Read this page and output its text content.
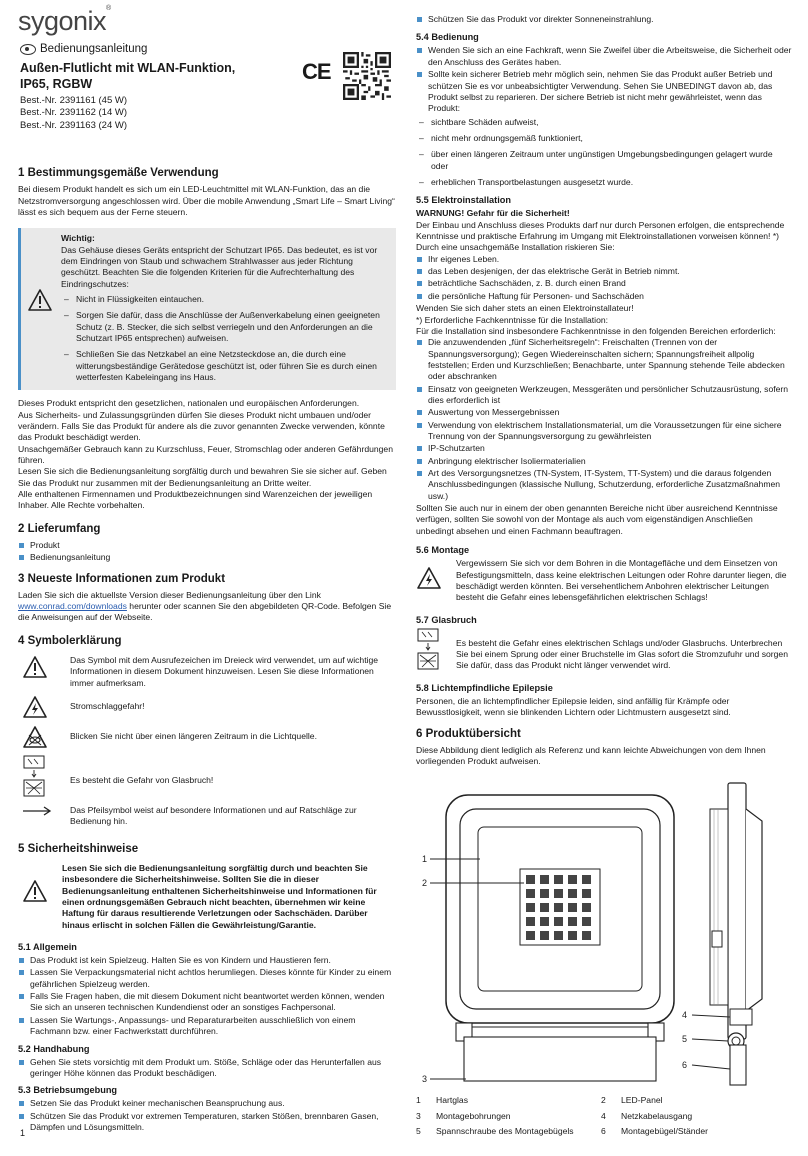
sygonix®
Bedienungsanleitung
Außen-Flutlicht mit WLAN-Funktion, IP65, RGBW
CE
Best.-Nr. 2391161 (45 W)
Best.-Nr. 2391162 (14 W)
Best.-Nr. 2391163 (24 W)
1 Bestimmungsgemäße Verwendung

Bei diesem Produkt handelt es sich um ein LED-Leuchtmittel mit WLAN-Funktion, das an die Netzstromversorgung angeschlossen wird. Über die mobile Anwendung „Smart Life – Smart Living“ lässt es sich bequem aus der Ferne steuern.

Wichtig:

Das Gehäuse dieses Geräts entspricht der Schutzart IP65. Das bedeutet, es ist vor dem Eindringen von Staub und schwachem Strahlwasser aus jeder Richtung geschützt. Beachten Sie die folgenden Kriterien für die Aufrechterhaltung des Eindringschutzes:

– Nicht in Flüssigkeiten eintauchen.
– Sorgen Sie dafür, dass die Anschlüsse der Außenverkabelung einen geeigneten Schutz (z. B. Stecker, die sich selbst verriegeln und den Anforderungen an die Schutzart IP65 entsprechen) aufweisen.
– Schließen Sie das Netzkabel an eine Netzsteckdose an, die durch eine witterungsbeständige Gerätedose geschützt ist, oder führen Sie es durch einen wetterfesten Kabeleingang ins Haus.

Dieses Produkt entspricht den gesetzlichen, nationalen und europäischen Anforderungen.

Aus Sicherheits- und Zulassungsgründen dürfen Sie dieses Produkt nicht umbauen und/oder verändern. Falls Sie das Produkt für andere als die zuvor genannten Zwecke verwenden, könnte das Produkt beschädigt werden.

Unsachgemäßer Gebrauch kann zu Kurzschluss, Feuer, Stromschlag oder anderen Gefährdungen führen.

Lesen Sie sich die Bedienungsanleitung sorgfältig durch und bewahren Sie sie sicher auf. Geben Sie das Produkt nur zusammen mit der Bedienungsanleitung an Dritte weiter.

Alle enthaltenen Firmennamen und Produktbezeichnungen sind Warenzeichen der jeweiligen Inhaber. Alle Rechte vorbehalten.

2 Lieferumfang
Produkt
Bedienungsanleitung
3 Neueste Informationen zum Produkt

Laden Sie sich die aktuellste Version dieser Bedienungsanleitung über den Link www.conrad.com/downloads herunter oder scannen Sie den abgebildeten QR-Code. Befolgen Sie die Anweisungen auf der Webseite.

4 Symbolerklärung
Das Symbol mit dem Ausrufezeichen im Dreieck wird verwendet, um auf wichtige Informationen in diesem Dokument hinzuweisen. Lesen Sie diese Informationen immer aufmerksam.
Stromschlaggefahr!
Blicken Sie nicht über einen längeren Zeitraum in die Lichtquelle.
Es besteht die Gefahr von Glasbruch!
Das Pfeilsymbol weist auf besondere Informationen und auf Ratschläge zur Bedienung hin.
5 Sicherheitshinweise

Lesen Sie sich die Bedienungsanleitung sorgfältig durch und beachten Sie insbesondere die Sicherheitshinweise. Sollten Sie die in dieser Bedienungsanleitung enthaltenen Sicherheitshinweise und Informationen für einen ordnungsgemäßen Gebrauch nicht beachten, übernehmen wir keine Haftung für daraus resultierende Verletzungen oder Sachschäden. Darüber hinaus erlischt in solchen Fällen die Gewährleistung/Garantie.

5.1 Allgemein
Das Produkt ist kein Spielzeug. Halten Sie es von Kindern und Haustieren fern.
Lassen Sie Verpackungsmaterial nicht achtlos herumliegen. Dieses könnte für Kinder zu einem gefährlichen Spielzeug werden.
Falls Sie Fragen haben, die mit diesem Dokument nicht beantwortet werden können, wenden Sie sich an unseren technischen Kundendienst oder an sonstiges Fachpersonal.
Lassen Sie Wartungs-, Anpassungs- und Reparaturarbeiten ausschließlich von einem Fachmann bzw. einer Fachwerkstatt durchführen.
5.2 Handhabung
Gehen Sie stets vorsichtig mit dem Produkt um. Stöße, Schläge oder das Herunterfallen aus geringer Höhe können das Produkt beschädigen.
5.3 Betriebsumgebung
Setzen Sie das Produkt keiner mechanischen Beanspruchung aus.
Schützen Sie das Produkt vor extremen Temperaturen, starken Stößen, brennbaren Gasen, Dämpfen und Lösungsmitteln.
1
Schützen Sie das Produkt vor direkter Sonneneinstrahlung.
5.4 Bedienung
Wenden Sie sich an eine Fachkraft, wenn Sie Zweifel über die Arbeitsweise, die Sicherheit oder den Anschluss des Gerätes haben.
Sollte kein sicherer Betrieb mehr möglich sein, nehmen Sie das Produkt außer Betrieb und schützen Sie es vor unbeabsichtigter Verwendung. Sehen Sie UNBEDINGT davon ab, das Produkt selbst zu reparieren. Der sichere Betrieb ist nicht mehr gewährleistet, wenn das Produkt:
– sichtbare Schäden aufweist,
– nicht mehr ordnungsgemäß funktioniert,
– über einen längeren Zeitraum unter ungünstigen Umgebungsbedingungen gelagert wurde oder
– erheblichen Transportbelastungen ausgesetzt wurde.
5.5 Elektroinstallation

WARNUNG! Gefahr für die Sicherheit!

Der Einbau und Anschluss dieses Produkts darf nur durch Personen erfolgen, die entsprechende Kenntnisse und praktische Erfahrung im Umgang mit Elektroinstallationen vorweisen können! *)

Durch eine unsachgemäße Installation riskieren Sie:

Ihr eigenes Leben.
das Leben desjenigen, der das elektrische Gerät in Betrieb nimmt.
beträchtliche Sachschäden, z. B. durch einen Brand
die persönliche Haftung für Personen- und Sachschäden

Wenden Sie sich daher stets an einen Elektroinstallateur!

*) Erforderliche Fachkenntnisse für die Installation:

Für die Installation sind insbesondere Fachkenntnisse in den folgenden Bereichen erforderlich:

Die anzuwendenden „fünf Sicherheitsregeln“: Freischalten (Trennen von der Spannungsversorgung); Gegen Wiedereinschalten sichern; Spannungsfreiheit allpolig feststellen; Erden und Kurzschließen; Benachbarte, unter Spannung stehende Teile abdecken oder abschranken
Einsatz von geeigneten Werkzeugen, Messgeräten und persönlicher Schutzausrüstung, sofern dies erforderlich ist
Auswertung von Messergebnissen
Verwendung von elektrischem Installationsmaterial, um die Voraussetzungen für eine sichere Trennung von der Spannungsversorgung zu gewährleisten
IP-Schutzarten
Anbringung elektrischer Isoliermaterialien
Art des Versorgungsnetzes (TN-System, IT-System, TT-System) und die daraus folgenden Anschlussbedingungen (klassische Nullung, Schutzerdung, erforderliche Zusatzmaßnahmen usw.)

Sollten Sie auch nur in einem der oben genannten Bereiche nicht über ausreichend Kenntnisse verfügen, sollten Sie sowohl von der Montage als auch vom eigenständigen Anschließen unbedingt absehen und einen Fachmann beauftragen.

5.6 Montage

Vergewissern Sie sich vor dem Bohren in die Montagefläche und dem Einsetzen von Befestigungsmitteln, dass keine elektrischen Leitungen oder Rohre darunter liegen, die beschädigt werden könnten. Bei versehentlichem Anbohren elektrischer Leitungen besteht die Gefahr eines lebensgefährlichen elektrischen Schlags!

5.7 Glasbruch

Es besteht die Gefahr eines elektrischen Schlags und/oder Glasbruchs. Unterbrechen Sie bei einem Sprung oder einer Bruchstelle im Glas sofort die Stromzufuhr und sorgen Sie dafür, dass das Produkt nicht länger verwendet wird.

5.8 Lichtempfindliche Epilepsie

Personen, die an lichtempfindlicher Epilepsie leiden, sind anfällig für Krämpfe oder Bewusstlosigkeit, wenn sie blinkenden Lichtern oder Lichtmustern ausgesetzt sind.

6 Produktübersicht

Diese Abbildung dient lediglich als Referenz und kann leichte Abweichungen von dem Ihnen vorliegenden Produkt aufweisen.

1
2
3
4
5
6
1	Hartglas	2	LED-Panel
3	Montagebohrungen	4	Netzkabelausgang
5	Spannschraube des Montagebügels	6	Montagebügel/Ständer
